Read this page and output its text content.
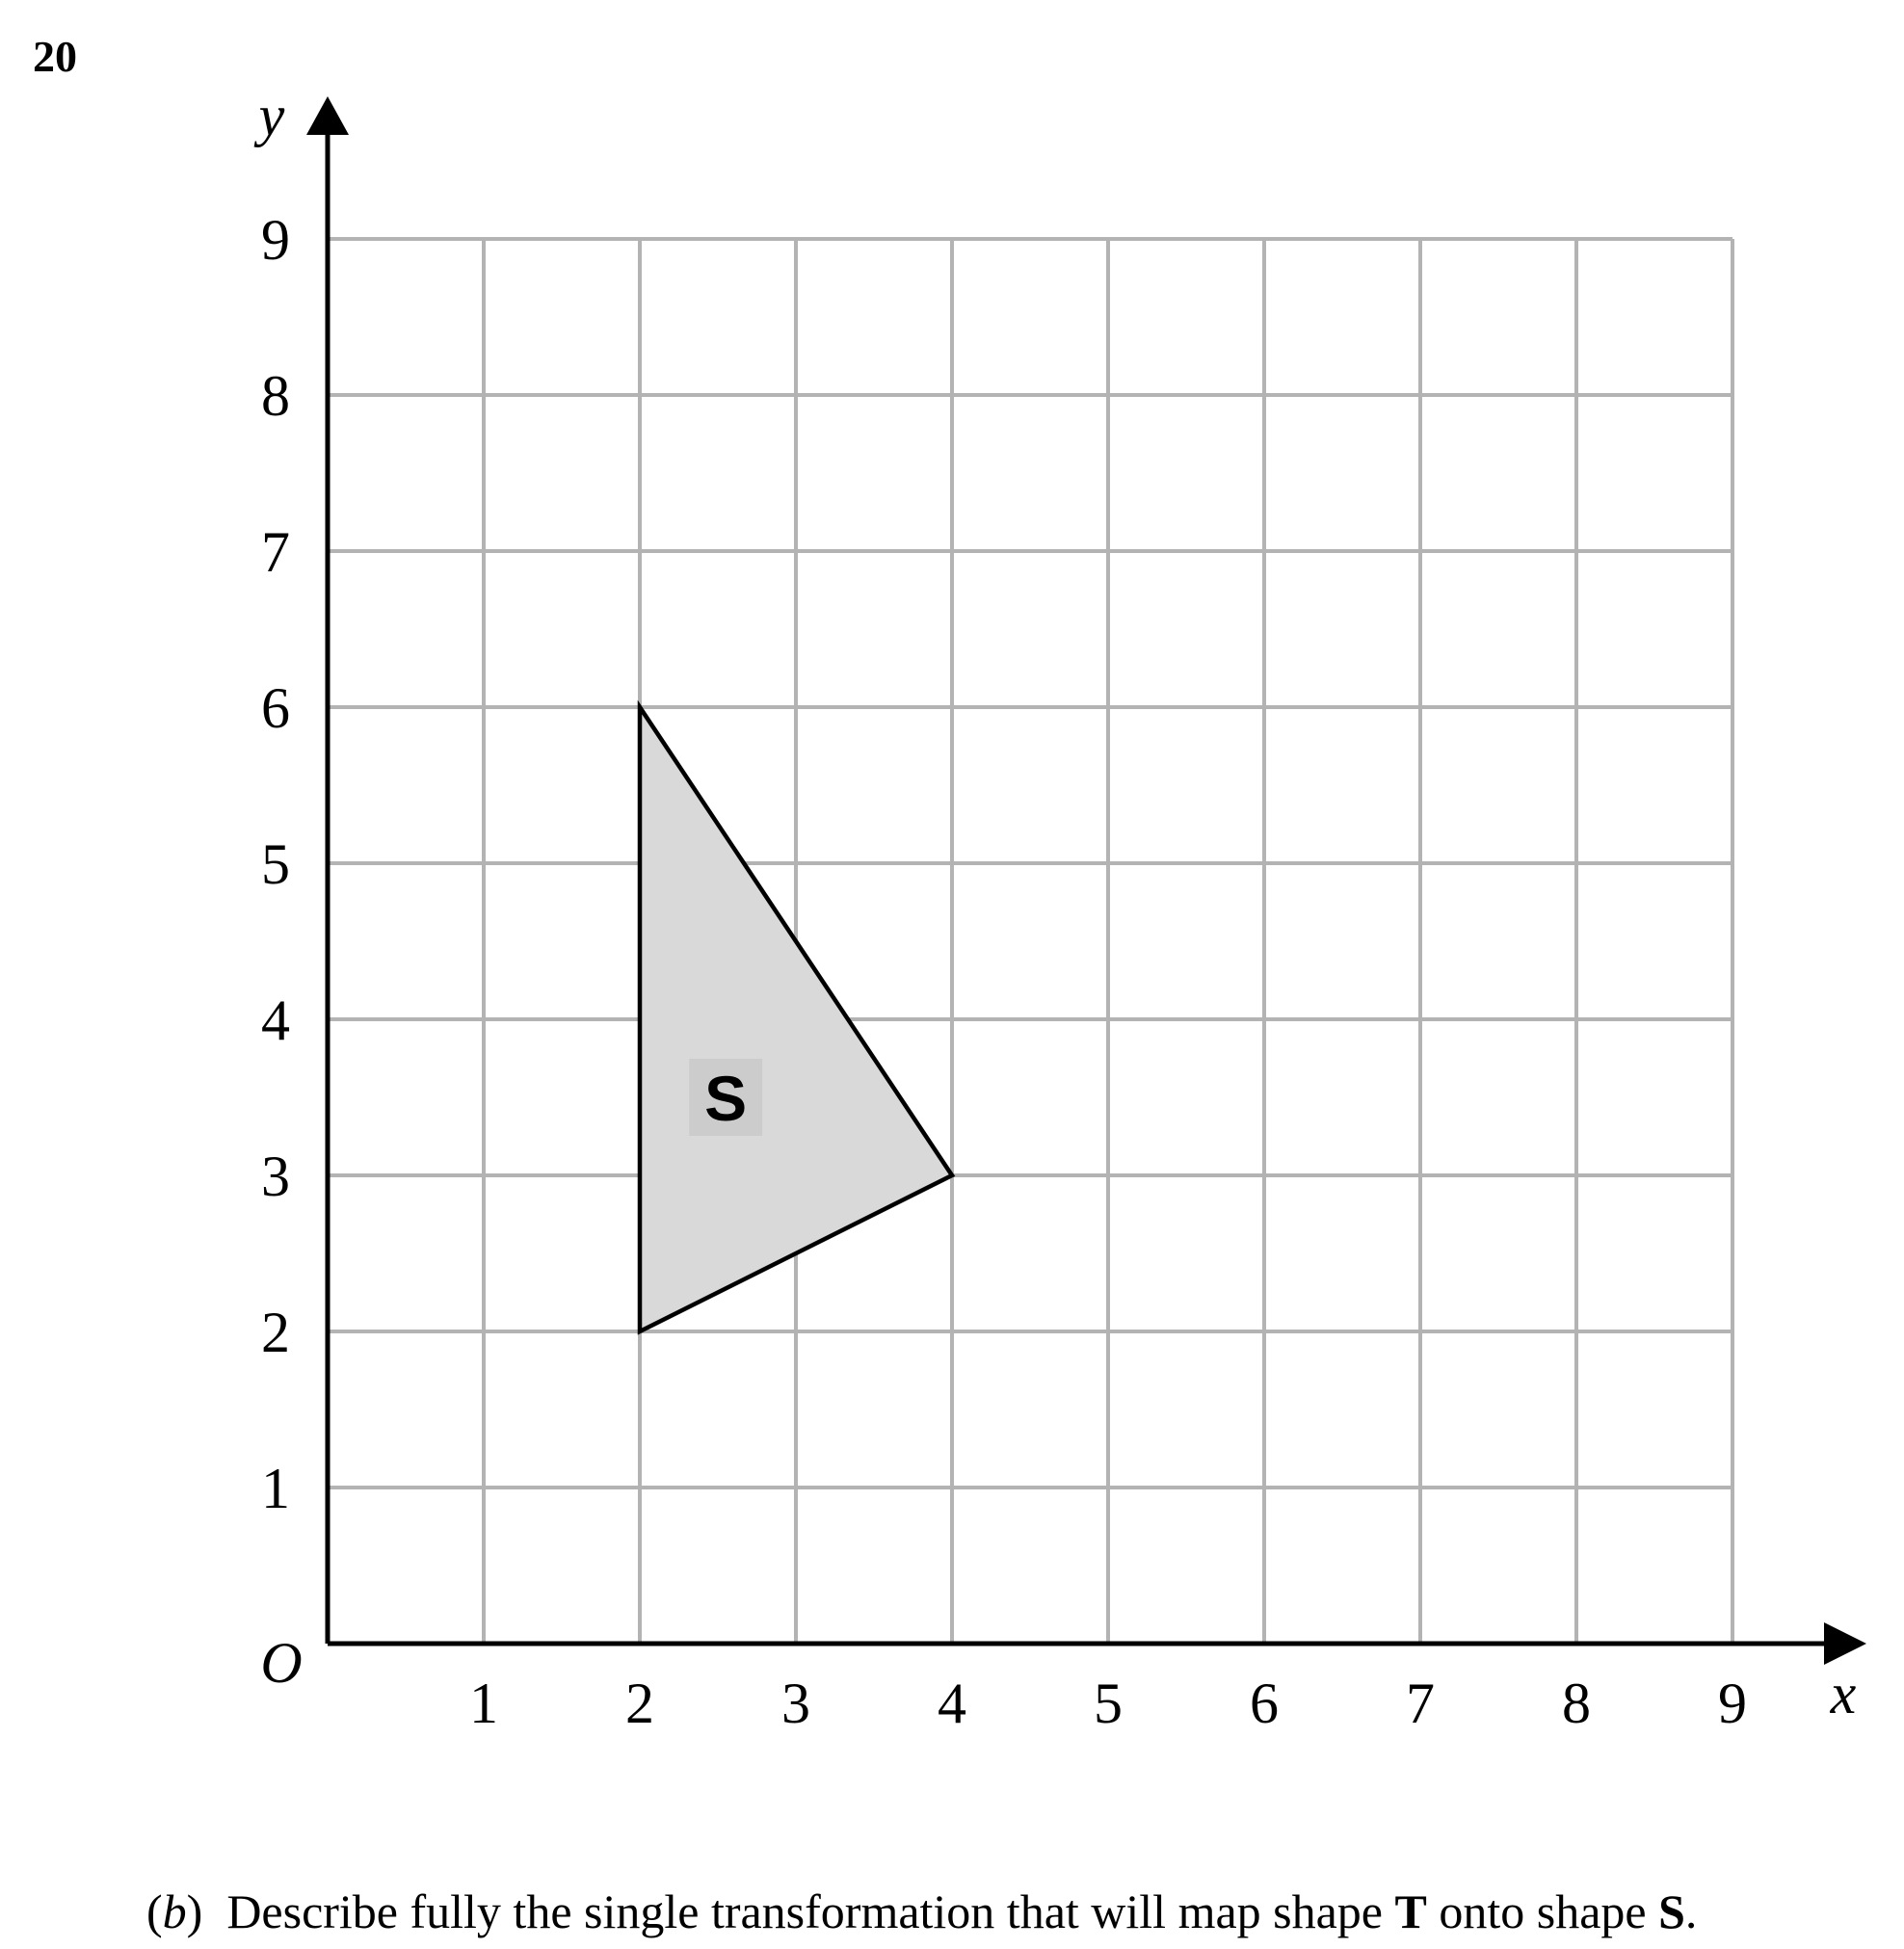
20
S
1 2 3 4 5 6 7 8 9
1
2
3
4
5
6
7
8
9
O	x
y
(b) Describe fully the single transformation that will map shape T onto shape S.
